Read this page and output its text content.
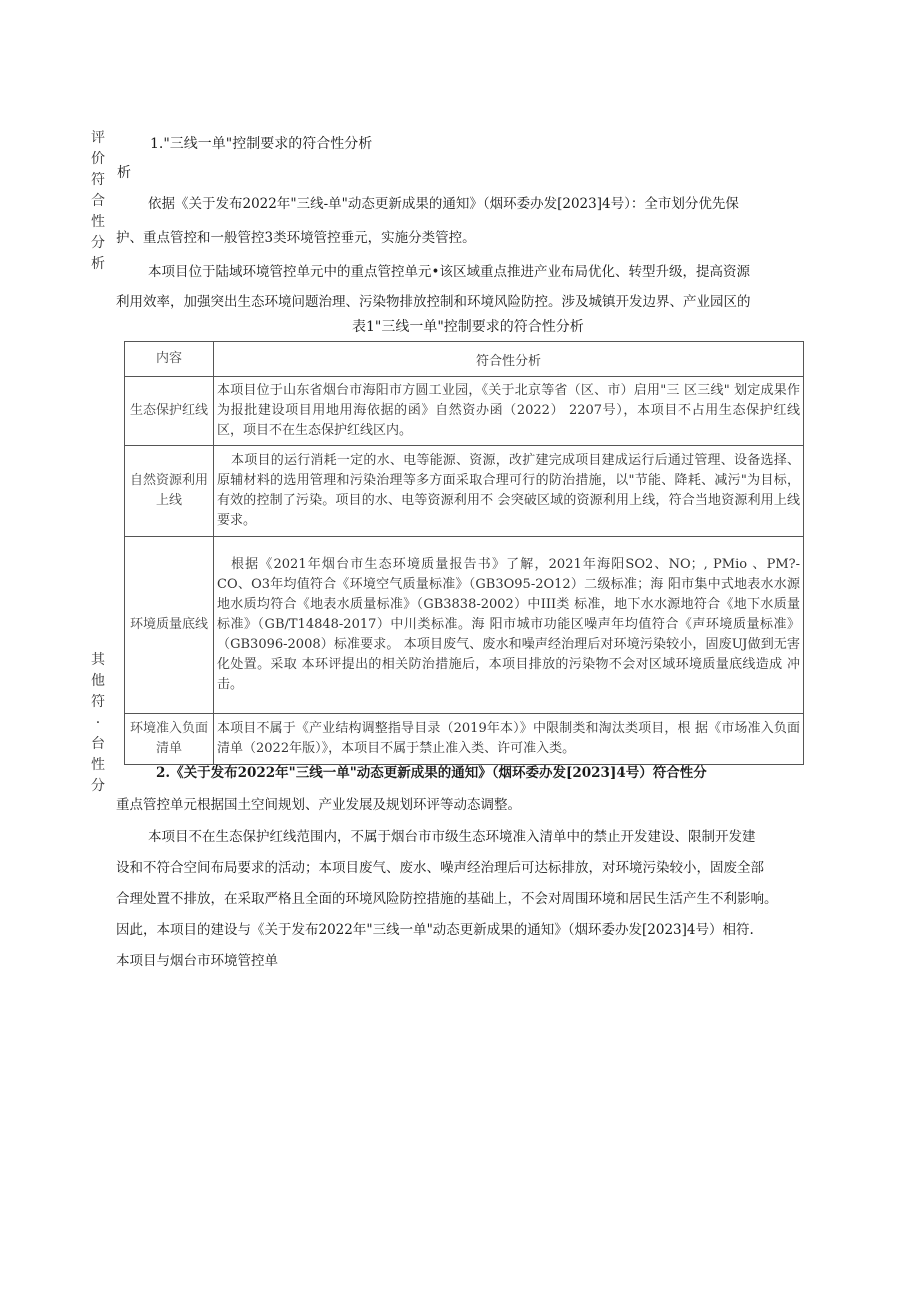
评
价
符
合
性
分
析
其
他
符
·
台
性
分
1."三线一单"控制要求的符合性分析
析
依据《关于发布2022年"三线-单"动态更新成果的通知》（烟环委办发[2023]4号）：全市划分优先保
护、重点管控和一般管控3类环境管控垂元，实施分类管控。
本项目位于陆域环境管控单元中的重点管控单元•该区域重点推进产业布局优化、转型升级，提高资源
利用效率，加强突出生态环境问题治理、污染物排放控制和环境风险防控。涉及城镇开发边界、产业园区的
表1"三线一单"控制要求的符合性分析
内容	符合性分析
生态保护红线	本项目位于山东省烟台市海阳市方圆工业园，《关于北京等省（区、市）启用"三 区三线" 划定成果作为报批建设项目用地用海依据的函》自然资办函（2022） 2207号），本项目不占用生态保护红线区，项目不在生态保护红线区内。
自然资源利用上线	本项目的运行消耗一定的水、电等能源、资源，改扩建完成项目建成运行后通过管理、设备选择、原辅材料的选用管理和污染治理等多方面采取合理可行的防治措施，以"节能、降耗、减污"为目标，有效的控制了污染。项目的水、电等资源利用不 会突破区域的资源利用上线，符合当地资源利用上线要求。
环境质量底线	根据《2021年烟台市生态环境质量报告书》了解，2021年海阳SO2、NO；, PMio 、PM?- CO、O3年均值符合《环境空气质量标准》（GB3O95-2O12）二级标准；海 阳市集中式地表水水源地水质均符合《地表水质量标准》（GB3838-2002）中III类 标准，地下水水源地符合《地下水质量标准》（GB/T14848-2017）中川类标准。海 阳市城市功能区噪声年均值符合《声环境质量标准》（GB3096-2008）标准要求。 本项目废气、废水和噪声经治理后对环境污染较小，固废UJ做到无害化处置。采取 本环评提出的相关防治措施后，本项目排放的污染物不会对区域环境质量底线造成 冲击。
环境准入负面清单	本项目不属于《产业结构调整指导目录（2019年本）》中限制类和淘汰类项目，根 据《市场准入负面清单（2022年版）》，本项目不属于禁止准入类、许可准入类。
2.《关于发布2022年"三线一单"动态更新成果的通知》（烟环委办发[2023]4号）符合性分
重点管控单元根据国土空间规划、产业发展及规划环评等动态调整。
本项目不在生态保护红线范围内，不属于烟台市市级生态环境准入清单中的禁止开发建设、限制开发建
设和不符合空间布局要求的活动；本项目废气、废水、噪声经治理后可达标排放，对环境污染较小，固废全部
合理处置不排放，在采取严格且全面的环境风险防控措施的基础上，不会对周围环境和居民生活产生不利影响。
因此，本项目的建设与《关于发布2022年"三线一单"动态更新成果的通知》（烟环委办发[2023]4号）相符.
本项目与烟台市环境管控单
